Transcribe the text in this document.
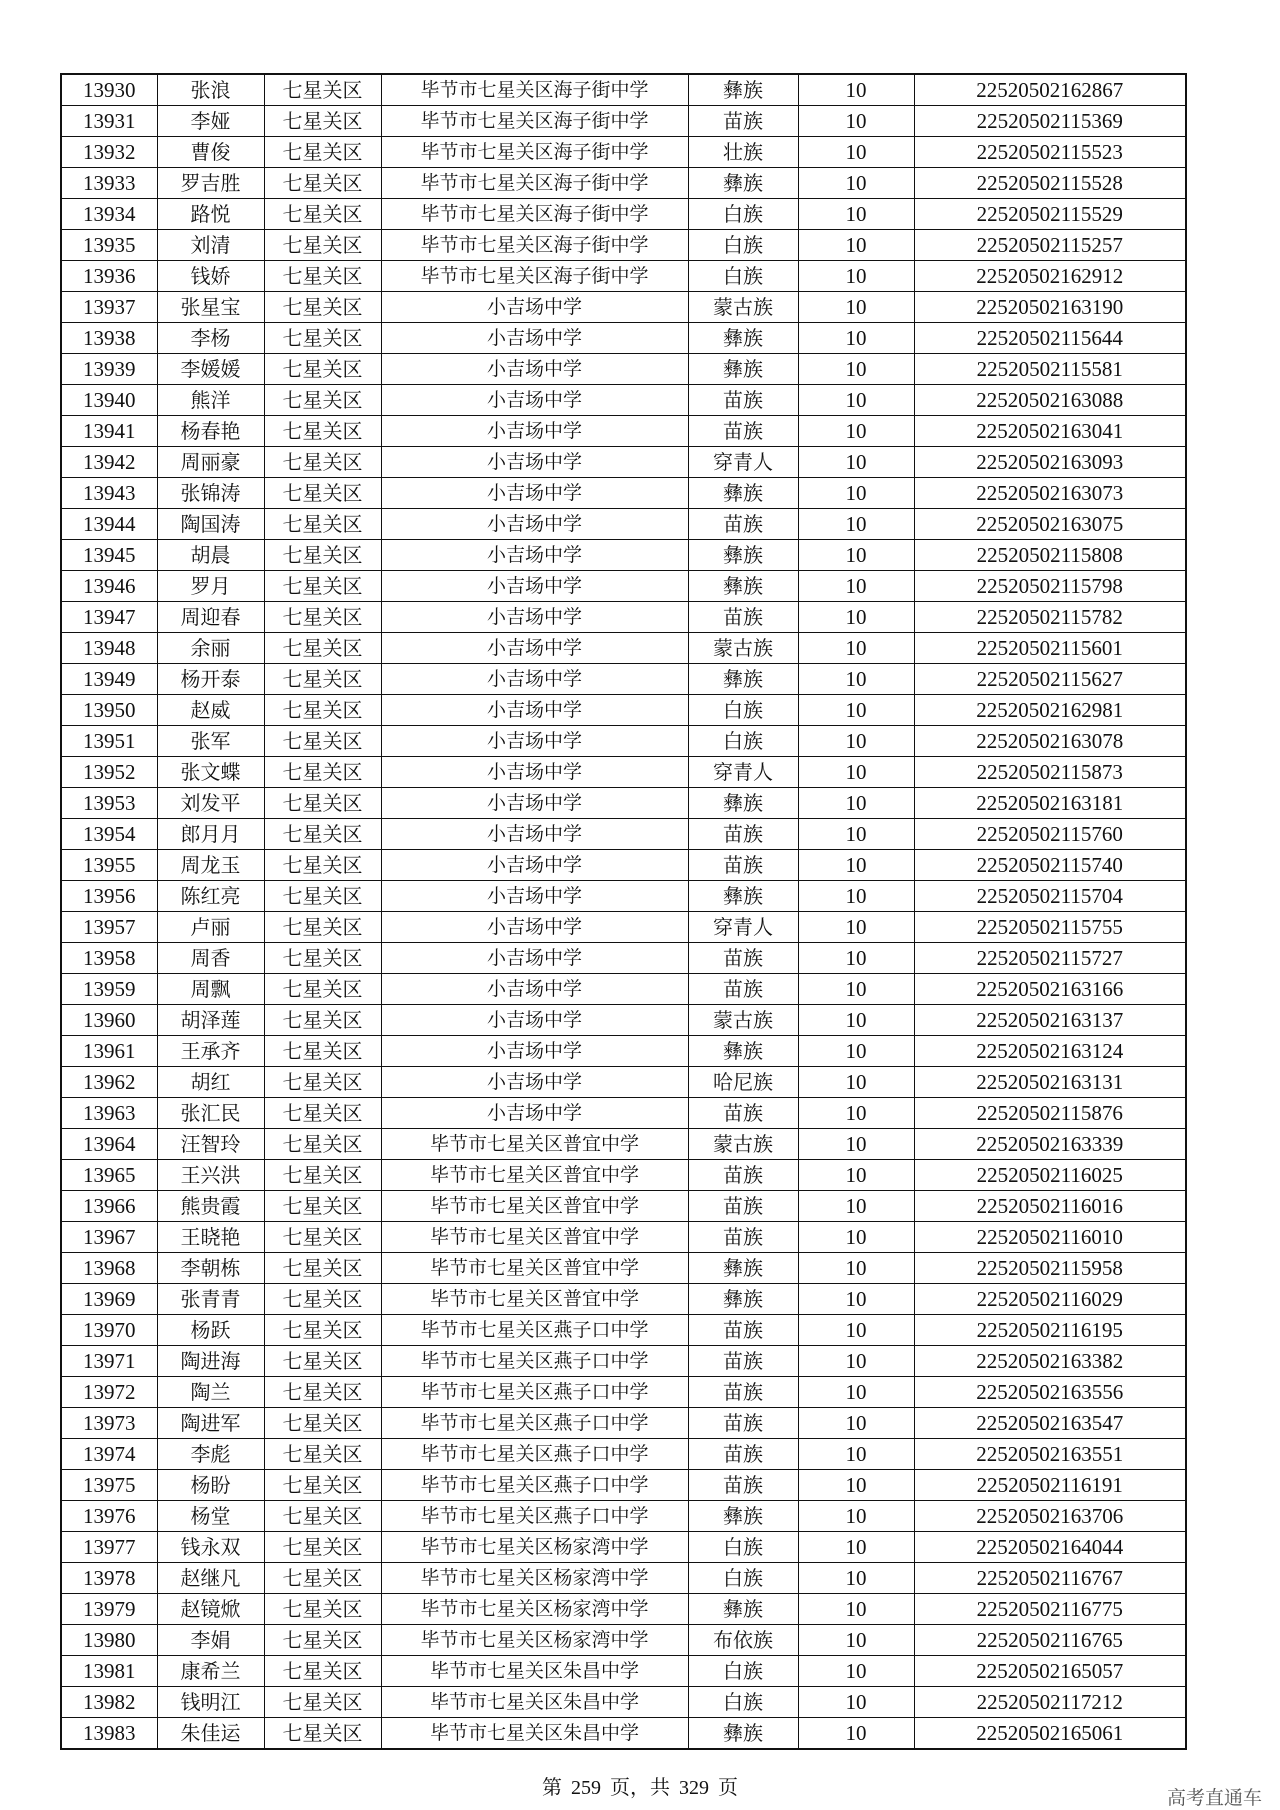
13930	张浪	七星关区	毕节市七星关区海子街中学	彝族	10	22520502162867
13931	李娅	七星关区	毕节市七星关区海子街中学	苗族	10	22520502115369
13932	曹俊	七星关区	毕节市七星关区海子街中学	壮族	10	22520502115523
13933	罗吉胜	七星关区	毕节市七星关区海子街中学	彝族	10	22520502115528
13934	路悦	七星关区	毕节市七星关区海子街中学	白族	10	22520502115529
13935	刘清	七星关区	毕节市七星关区海子街中学	白族	10	22520502115257
13936	钱娇	七星关区	毕节市七星关区海子街中学	白族	10	22520502162912
13937	张星宝	七星关区	小吉场中学	蒙古族	10	22520502163190
13938	李杨	七星关区	小吉场中学	彝族	10	22520502115644
13939	李媛媛	七星关区	小吉场中学	彝族	10	22520502115581
13940	熊洋	七星关区	小吉场中学	苗族	10	22520502163088
13941	杨春艳	七星关区	小吉场中学	苗族	10	22520502163041
13942	周丽豪	七星关区	小吉场中学	穿青人	10	22520502163093
13943	张锦涛	七星关区	小吉场中学	彝族	10	22520502163073
13944	陶国涛	七星关区	小吉场中学	苗族	10	22520502163075
13945	胡晨	七星关区	小吉场中学	彝族	10	22520502115808
13946	罗月	七星关区	小吉场中学	彝族	10	22520502115798
13947	周迎春	七星关区	小吉场中学	苗族	10	22520502115782
13948	余丽	七星关区	小吉场中学	蒙古族	10	22520502115601
13949	杨开泰	七星关区	小吉场中学	彝族	10	22520502115627
13950	赵威	七星关区	小吉场中学	白族	10	22520502162981
13951	张军	七星关区	小吉场中学	白族	10	22520502163078
13952	张文蝶	七星关区	小吉场中学	穿青人	10	22520502115873
13953	刘发平	七星关区	小吉场中学	彝族	10	22520502163181
13954	郎月月	七星关区	小吉场中学	苗族	10	22520502115760
13955	周龙玉	七星关区	小吉场中学	苗族	10	22520502115740
13956	陈红亮	七星关区	小吉场中学	彝族	10	22520502115704
13957	卢丽	七星关区	小吉场中学	穿青人	10	22520502115755
13958	周香	七星关区	小吉场中学	苗族	10	22520502115727
13959	周飘	七星关区	小吉场中学	苗族	10	22520502163166
13960	胡泽莲	七星关区	小吉场中学	蒙古族	10	22520502163137
13961	王承齐	七星关区	小吉场中学	彝族	10	22520502163124
13962	胡红	七星关区	小吉场中学	哈尼族	10	22520502163131
13963	张汇民	七星关区	小吉场中学	苗族	10	22520502115876
13964	汪智玲	七星关区	毕节市七星关区普宜中学	蒙古族	10	22520502163339
13965	王兴洪	七星关区	毕节市七星关区普宜中学	苗族	10	22520502116025
13966	熊贵霞	七星关区	毕节市七星关区普宜中学	苗族	10	22520502116016
13967	王晓艳	七星关区	毕节市七星关区普宜中学	苗族	10	22520502116010
13968	李朝栋	七星关区	毕节市七星关区普宜中学	彝族	10	22520502115958
13969	张青青	七星关区	毕节市七星关区普宜中学	彝族	10	22520502116029
13970	杨跃	七星关区	毕节市七星关区燕子口中学	苗族	10	22520502116195
13971	陶进海	七星关区	毕节市七星关区燕子口中学	苗族	10	22520502163382
13972	陶兰	七星关区	毕节市七星关区燕子口中学	苗族	10	22520502163556
13973	陶进军	七星关区	毕节市七星关区燕子口中学	苗族	10	22520502163547
13974	李彪	七星关区	毕节市七星关区燕子口中学	苗族	10	22520502163551
13975	杨盼	七星关区	毕节市七星关区燕子口中学	苗族	10	22520502116191
13976	杨堂	七星关区	毕节市七星关区燕子口中学	彝族	10	22520502163706
13977	钱永双	七星关区	毕节市七星关区杨家湾中学	白族	10	22520502164044
13978	赵继凡	七星关区	毕节市七星关区杨家湾中学	白族	10	22520502116767
13979	赵镜焮	七星关区	毕节市七星关区杨家湾中学	彝族	10	22520502116775
13980	李娟	七星关区	毕节市七星关区杨家湾中学	布依族	10	22520502116765
13981	康希兰	七星关区	毕节市七星关区朱昌中学	白族	10	22520502165057
13982	钱明江	七星关区	毕节市七星关区朱昌中学	白族	10	22520502117212
13983	朱佳运	七星关区	毕节市七星关区朱昌中学	彝族	10	22520502165061
第 259 页，共 329 页	高考直通车
